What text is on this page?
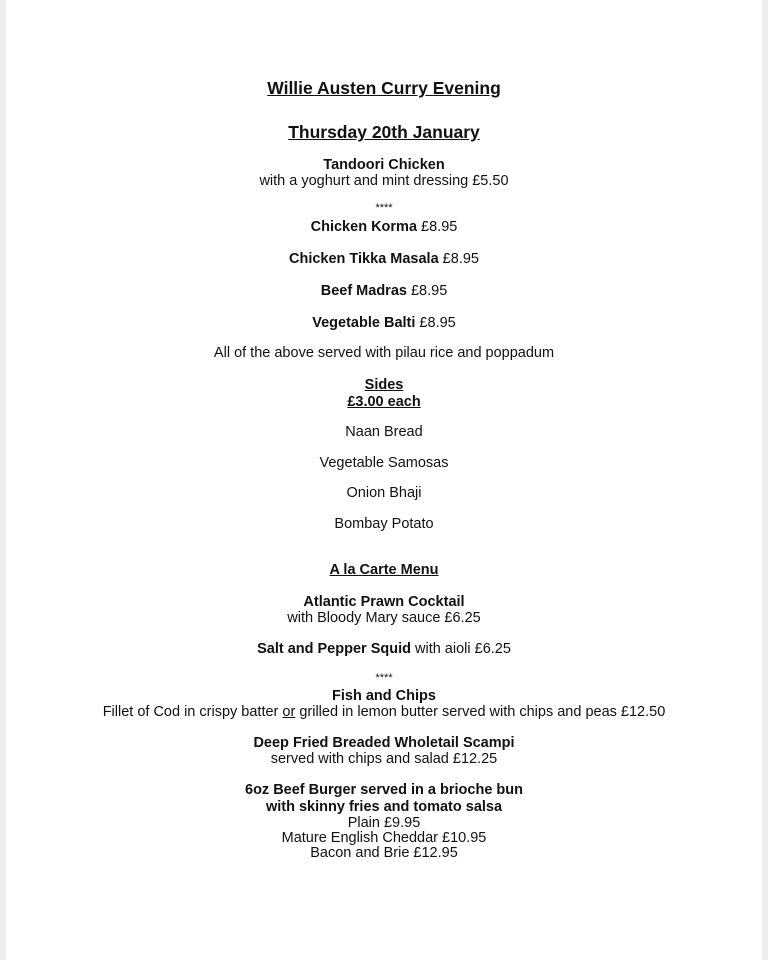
Willie Austen Curry Evening
Thursday 20th January
Tandoori Chicken
with a yoghurt and mint dressing £5.50
****
Chicken Korma £8.95
Chicken Tikka Masala £8.95
Beef Madras £8.95
Vegetable Balti £8.95
All of the above served with pilau rice and poppadum
Sides
£3.00 each
Naan Bread
Vegetable Samosas
Onion Bhaji
Bombay Potato
A la Carte Menu
Atlantic Prawn Cocktail
with Bloody Mary sauce £6.25
Salt and Pepper Squid with aioli £6.25
****
Fish and Chips
Fillet of Cod in crispy batter or grilled in lemon butter served with chips and peas £12.50
Deep Fried Breaded Wholetail Scampi
served with chips and salad £12.25
6oz Beef Burger served in a brioche bun
with skinny fries and tomato salsa
Plain £9.95
Mature English Cheddar £10.95
Bacon and Brie £12.95
